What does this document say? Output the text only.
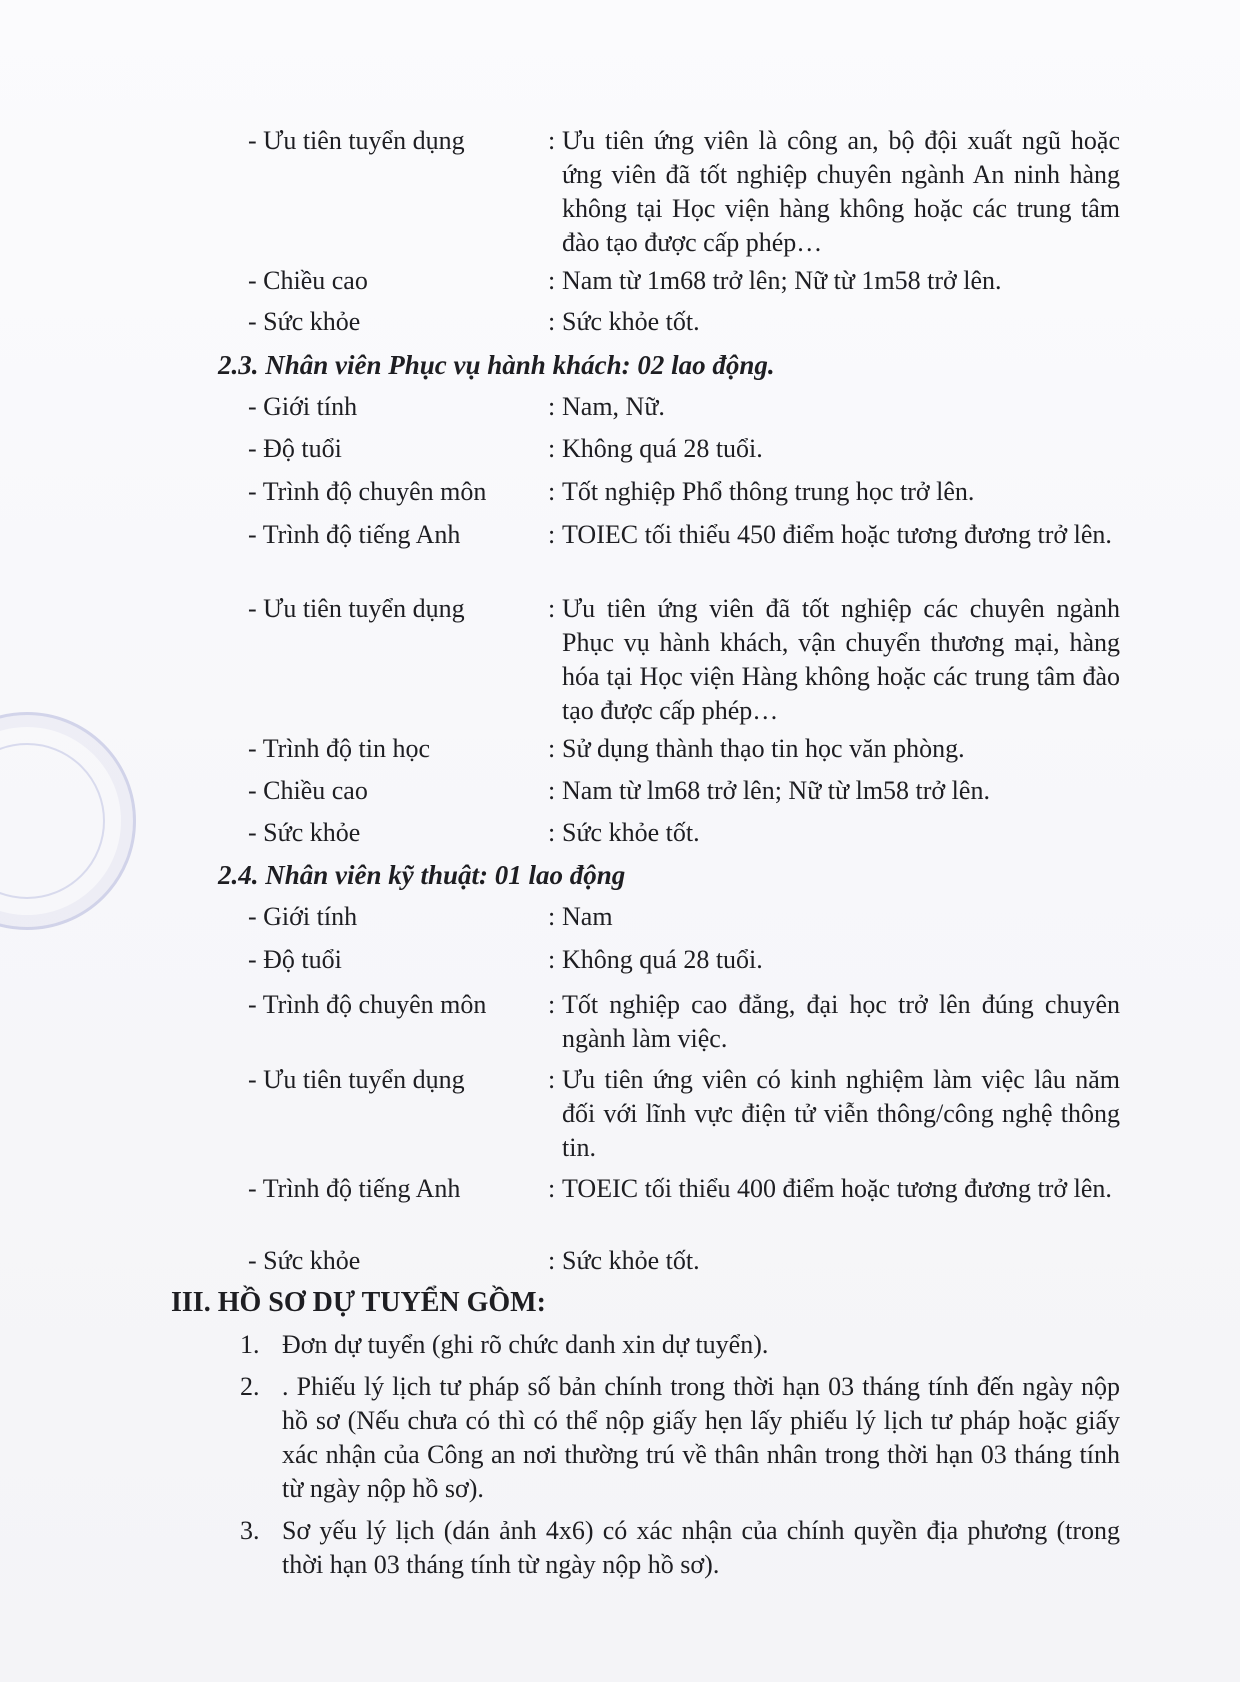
- Ưu tiên tuyển dụng	: Ưu tiên ứng viên là công an, bộ đội xuất ngũ hoặc ứng viên đã tốt nghiệp chuyên ngành An ninh hàng không tại Học viện hàng không hoặc các trung tâm đào tạo được cấp phép…
- Chiều cao	: Nam từ 1m68 trở lên; Nữ từ 1m58 trở lên.
- Sức khỏe	: Sức khỏe tốt.
2.3. Nhân viên Phục vụ hành khách: 02 lao động.
- Giới tính	: Nam, Nữ.
- Độ tuổi	: Không quá 28 tuổi.
- Trình độ chuyên môn	: Tốt nghiệp Phổ thông trung học trở lên.
- Trình độ tiếng Anh	: TOIEC tối thiểu 450 điểm hoặc tương đương trở lên.
- Ưu tiên tuyển dụng	: Ưu tiên ứng viên đã tốt nghiệp các chuyên ngành Phục vụ hành khách, vận chuyển thương mại, hàng hóa tại Học viện Hàng không hoặc các trung tâm đào tạo được cấp phép…
- Trình độ tin học	: Sử dụng thành thạo tin học văn phòng.
- Chiều cao	: Nam từ lm68 trở lên; Nữ từ lm58 trở lên.
- Sức khỏe	: Sức khỏe tốt.
2.4. Nhân viên kỹ thuật: 01 lao động
- Giới tính	: Nam
- Độ tuổi	: Không quá 28 tuổi.
- Trình độ chuyên môn	: Tốt nghiệp cao đẳng, đại học trở lên đúng chuyên ngành làm việc.
- Ưu tiên tuyển dụng	: Ưu tiên ứng viên có kinh nghiệm làm việc lâu năm đối với lĩnh vực điện tử viễn thông/công nghệ thông tin.
- Trình độ tiếng Anh	: TOEIC tối thiểu 400 điểm hoặc tương đương trở lên.
- Sức khỏe	: Sức khỏe tốt.
III. HỒ SƠ DỰ TUYỂN GỒM:
1. Đơn dự tuyển (ghi rõ chức danh xin dự tuyển).
2. . Phiếu lý lịch tư pháp số bản chính trong thời hạn 03 tháng tính đến ngày nộp hồ sơ (Nếu chưa có thì có thể nộp giấy hẹn lấy phiếu lý lịch tư pháp hoặc giấy xác nhận của Công an nơi thường trú về thân nhân trong thời hạn 03 tháng tính từ ngày nộp hồ sơ).
3. Sơ yếu lý lịch (dán ảnh 4x6) có xác nhận của chính quyền địa phương (trong thời hạn 03 tháng tính từ ngày nộp hồ sơ).
